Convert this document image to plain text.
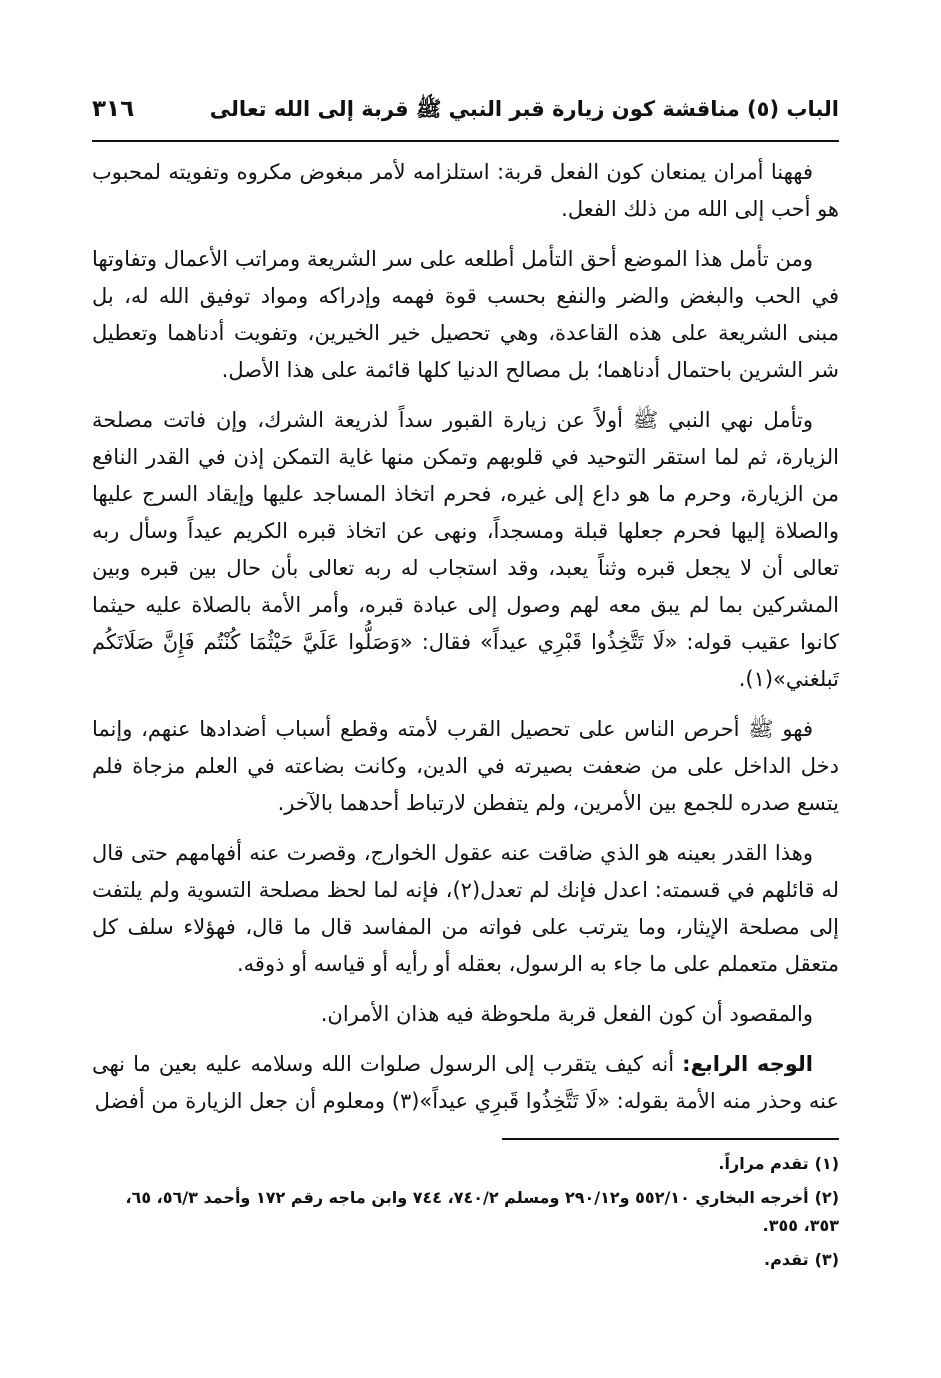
الباب (٥) مناقشة كون زيارة قبر النبي ﷺ قربة إلى الله تعالى
٣١٦

فههنا أمران يمنعان كون الفعل قربة: استلزامه لأمر مبغوض مكروه وتفويته لمحبوب هو أحب إلى الله من ذلك الفعل.

ومن تأمل هذا الموضع أحق التأمل أطلعه على سر الشريعة ومراتب الأعمال وتفاوتها في الحب والبغض والضر والنفع بحسب قوة فهمه وإدراكه ومواد توفيق الله له، بل مبنى الشريعة على هذه القاعدة، وهي تحصيل خير الخيرين، وتفويت أدناهما وتعطيل شر الشرين باحتمال أدناهما؛ بل مصالح الدنيا كلها قائمة على هذا الأصل.

وتأمل نهي النبي ﷺ أولاً عن زيارة القبور سداً لذريعة الشرك، وإن فاتت مصلحة الزيارة، ثم لما استقر التوحيد في قلوبهم وتمكن منها غاية التمكن إذن في القدر النافع من الزيارة، وحرم ما هو داع إلى غيره، فحرم اتخاذ المساجد عليها وإيقاد السرج عليها والصلاة إليها فحرم جعلها قبلة ومسجداً، ونهى عن اتخاذ قبره الكريم عيداً وسأل ربه تعالى أن لا يجعل قبره وثناً يعبد، وقد استجاب له ربه تعالى بأن حال بين قبره وبين المشركين بما لم يبق معه لهم وصول إلى عبادة قبره، وأمر الأمة بالصلاة عليه حيثما كانوا عقيب قوله: «لَا تَتَّخِذُوا قَبْرِي عيداً» فقال: «وَصَلُّوا عَلَيَّ حَيْثُمَا كُنْتُم فَإِنَّ صَلَاتَكُم تَبلغني»(١).

فهو ﷺ أحرص الناس على تحصيل القرب لأمته وقطع أسباب أضدادها عنهم، وإنما دخل الداخل على من ضعفت بصيرته في الدين، وكانت بضاعته في العلم مزجاة فلم يتسع صدره للجمع بين الأمرين، ولم يتفطن لارتباط أحدهما بالآخر.

وهذا القدر بعينه هو الذي ضاقت عنه عقول الخوارج، وقصرت عنه أفهامهم حتى قال له قائلهم في قسمته: اعدل فإنك لم تعدل(٢)، فإنه لما لحظ مصلحة التسوية ولم يلتفت إلى مصلحة الإيثار، وما يترتب على فواته من المفاسد قال ما قال، فهؤلاء سلف كل متعقل متعملم على ما جاء به الرسول، بعقله أو رأيه أو قياسه أو ذوقه.

والمقصود أن كون الفعل قربة ملحوظة فيه هذان الأمران.

الوجه الرابع: أنه كيف يتقرب إلى الرسول صلوات الله وسلامه عليه بعين ما نهى عنه وحذر منه الأمة بقوله: «لَا تَتَّخِذُوا قَبرِي عيداً»(٣) ومعلوم أن جعل الزيارة من أفضل

(١)تقدم مراراً.

(٢)أخرجه البخاري ٥٥٢/١٠ و٢٩٠/١٢ ومسلم ٧٤٠/٢، ٧٤٤ وابن ماجه رقم ١٧٢ وأحمد ٥٦/٣، ٦٥، ٣٥٣، ٣٥٥.

(٣)تقدم.
